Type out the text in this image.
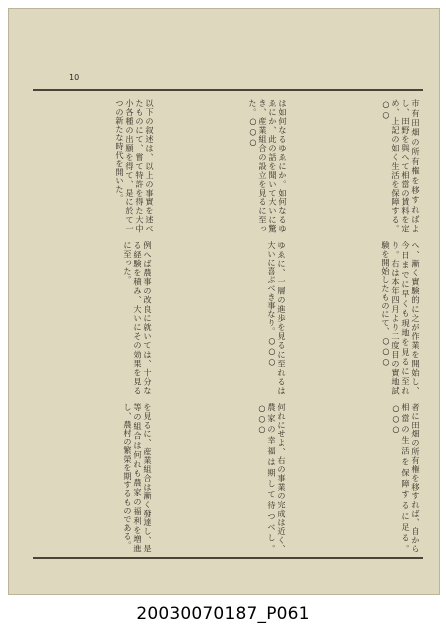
10
市有田畑の所有権を移すればよし、田野を與へて相當の賃料を定め、上記の如く生活を保障する。○○
は如何なるゆゑにか。如何なるゆゑにか、此の話を聞いて大いに驚き、産業組合の設立を見るに至った。○○○
以下の叙述は、以上の事實を述べたものにて、嘗て特許を得た大中小各種の出願を得て、是に於て一つの新たな時代を開いた。
へ、漸く實験的に之が作業を開始し、今日までに早くも現地を見るに至れり。右は本年四月より二度目の實地試験を開始したものにて、○○○
ゆゑに、一層の進歩を見るに至れるは大いに喜ぶべき事なり。○○○
例へば農事の改良に就いては、十分なる経験を積み、大いにその効果を見るに至った。
者に田畑の所有権を移すれば、自から相當の生活を保障するに足る。○○○
何れにせよ、右の事業の完成は近く、農家の幸福は期して待つべし。○○○
を見るに、産業組合は漸く發達し、是等の組合は何れも農家の福利を増進し、農村の繁榮を期するものである。
20030070187_P061
